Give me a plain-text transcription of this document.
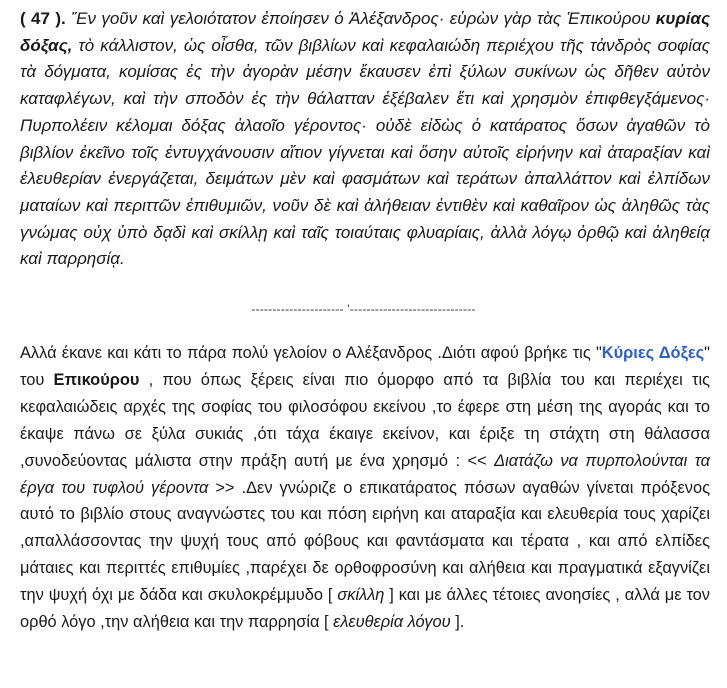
( 47 ). Ἕν γοῦν καὶ γελοιότατον ἐποίησεν ὁ Ἀλέξανδρος· εὑρὼν γὰρ τὰς Ἐπικούρου κυρίας δόξας, τὸ κάλλιστον, ὡς οἶσθα, τῶν βιβλίων καὶ κεφαλαιώδη περιέχου τῆς τἀνδρὸς σοφίας τὰ δόγματα, κομίσας ἐς τὴν ἀγορὰν μέσην ἔκαυσεν ἐπὶ ξύλων συκίνων ὡς δῆθεν αὐτὸν καταφλέγων, καὶ τὴν σποδὸν ἐς τὴν θάλατταν ἐξέβαλεν ἔτι καὶ χρησμὸν ἐπιφθεγξάμενος· Πυρπολέειν κέλομαι δόξας ἀλαοῖο γέροντος· οὐδὲ εἰδὼς ὁ κατάρατος ὅσων ἀγαθῶν τὸ βιβλίον ἐκεῖνο τοῖς ἐντυγχάνουσιν αἴτιον γίγνεται καὶ ὅσην αὐτοῖς εἰρήνην καὶ ἀταραξίαν καὶ ἐλευθερίαν ἐνεργάζεται, δειμάτων μὲν καὶ φασμάτων καὶ τεράτων ἀπαλλάττον καὶ ἐλπίδων ματαίων καὶ περιττῶν ἐπιθυμιῶν, νοῦν δὲ καὶ ἀλήθειαν ἐντιθὲν καὶ καθαῖρον ὡς ἀληθῶς τὰς γνώμας οὐχ ὑπὸ δᾳδὶ καὶ σκίλλῃ καὶ ταῖς τοιαύταις φλυαρίαις, ἀλλὰ λόγῳ ὀρθῷ καὶ ἀληθείᾳ καὶ παρρησίᾳ.
---------------------- '------------------------------
Αλλά έκανε και κάτι το πάρα πολύ γελοίον ο Αλέξανδρος .Διότι αφού βρήκε τις "Κύριες Δόξες" του Επικούρου , που όπως ξέρεις είναι πιο όμορφο από τα βιβλία του και περιέχει τις κεφαλαιώδεις αρχές της σοφίας του φιλοσόφου εκείνου ,το έφερε στη μέση της αγοράς και το έκαψε πάνω σε ξύλα συκιάς ,ότι τάχα έκαιγε εκείνον, και έριξε τη στάχτη στη θάλασσα ,συνοδεύοντας μάλιστα στην πράξη αυτή με ένα χρησμό : << Διατάζω να πυρπολούνται τα έργα του τυφλού γέροντα >> .Δεν γνώριζε ο επικατάρατος πόσων αγαθών γίνεται πρόξενος αυτό το βιβλίο στους αναγνώστες του και πόση ειρήνη και αταραξία και ελευθερία τους χαρίζει ,απαλλάσσοντας την ψυχή τους από φόβους και φαντάσματα και τέρατα , και από ελπίδες μάταιες και περιττές επιθυμίες ,παρέχει δε ορθοφροσύνη και αλήθεια και πραγματικά εξαγνίζει την ψυχή όχι με δάδα και σκυλοκρέμμυδο [ σκίλλη ] και με άλλες τέτοιες ανοησίες , αλλά με τον ορθό λόγο ,την αλήθεια και την παρρησία [ ελευθερία λόγου ].
